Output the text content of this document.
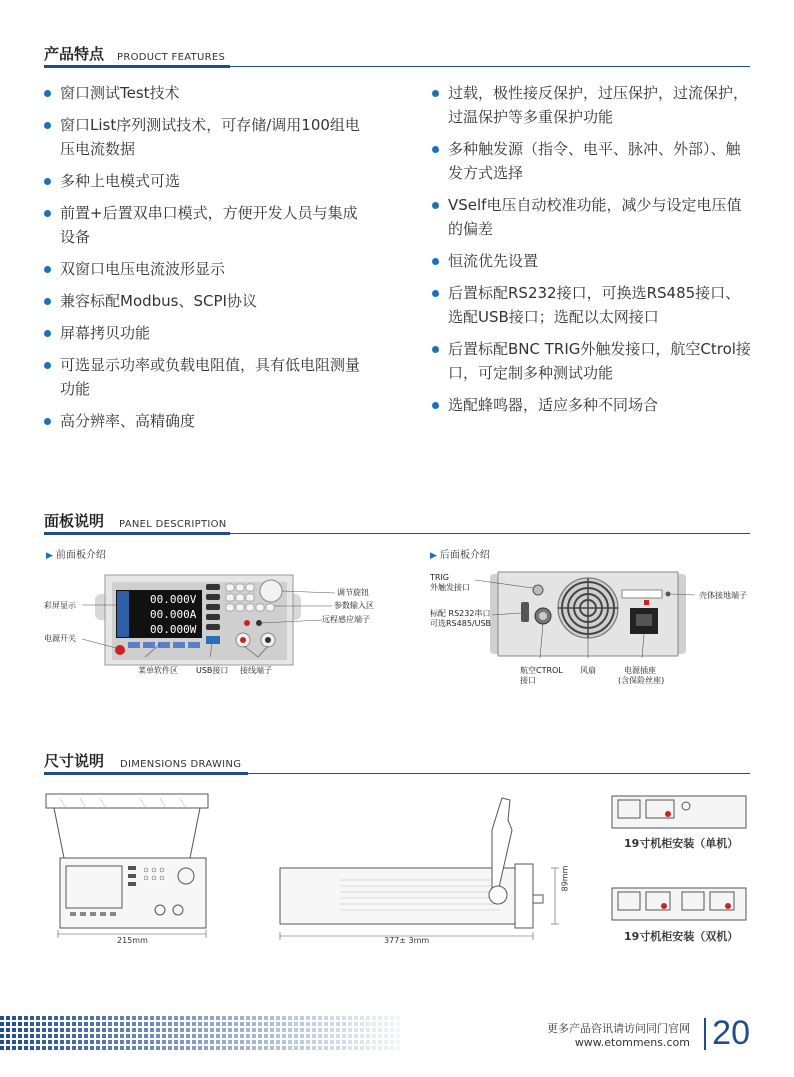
产品特点 PRODUCT FEATURES
窗口测试Test技术
窗口List序列测试技术，可存储/调用100组电压电流数据
多种上电模式可选
前置+后置双串口模式，方便开发人员与集成设备
双窗口电压电流波形显示
兼容标配Modbus、SCPI协议
屏幕拷贝功能
可选显示功率或负载电阻值，具有低电阻测量功能
高分辨率、高精确度
过载，极性接反保护，过压保护，过流保护，过温保护等多重保护功能
多种触发源（指令、电平、脉冲、外部）、触发方式选择
VSelf电压自动校准功能，减少与设定电压值的偏差
恒流优先设置
后置标配RS232接口，可换选RS485接口、选配USB接口；选配以太网接口
后置标配BNC TRIG外触发接口，航空Ctrol接口，可定制多种测试功能
选配蜂鸣器，适应多种不同场合
面板说明 PANEL DESCRIPTION
▶ 前面板介绍	▶ 后面板介绍
00.000V
00.000A
00.000W
彩屏显示
电源开关
菜单软件区 USB接口 接线端子
调节旋钮
参数输入区
远程感应端子
TRIG
外触发接口
标配 RS232串口
可选RS485/USB
航空CTROL
接口
风扇	电源插座
(含保险丝座)
壳体接地端子
尺寸说明 DIMENSIONS DRAWING
215mm	377± 3mm
89mm
19寸机柜安装（单机）
19寸机柜安装（双机）
更多产品咨讯请访问同门官网
www.etommens.com 20
